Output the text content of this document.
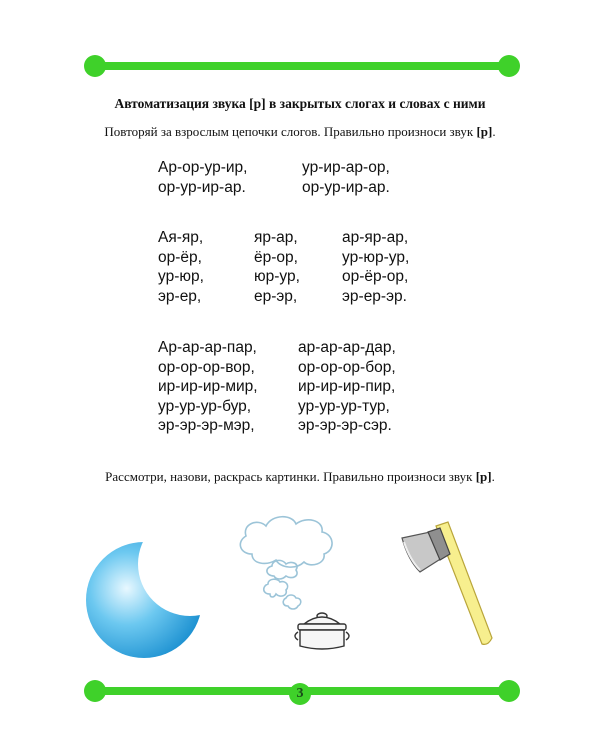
Автоматизация звука [р] в закрытых слогах и словах с ними
Повторяй за взрослым цепочки слогов. Правильно произноси звук [р].
Ар-ор-ур-ир,
ор-ур-ир-ар.
ур-ир-ар-ор,
ор-ур-ир-ар.
Ая-яр,
ор-ёр,
ур-юр,
эр-ер,
яр-ар,
ёр-ор,
юр-ур,
ер-эр,
ар-яр-ар,
ур-юр-ур,
ор-ёр-ор,
эр-ер-эр.
Ар-ар-ар-пар,
ор-ор-ор-вор,
ир-ир-ир-мир,
ур-ур-ур-бур,
эр-эр-эр-мэр,
ар-ар-ар-дар,
ор-ор-ор-бор,
ир-ир-ир-пир,
ур-ур-ур-тур,
эр-эр-эр-сэр.
Рассмотри, назови, раскрась картинки. Правильно произноси звук [р].
3
